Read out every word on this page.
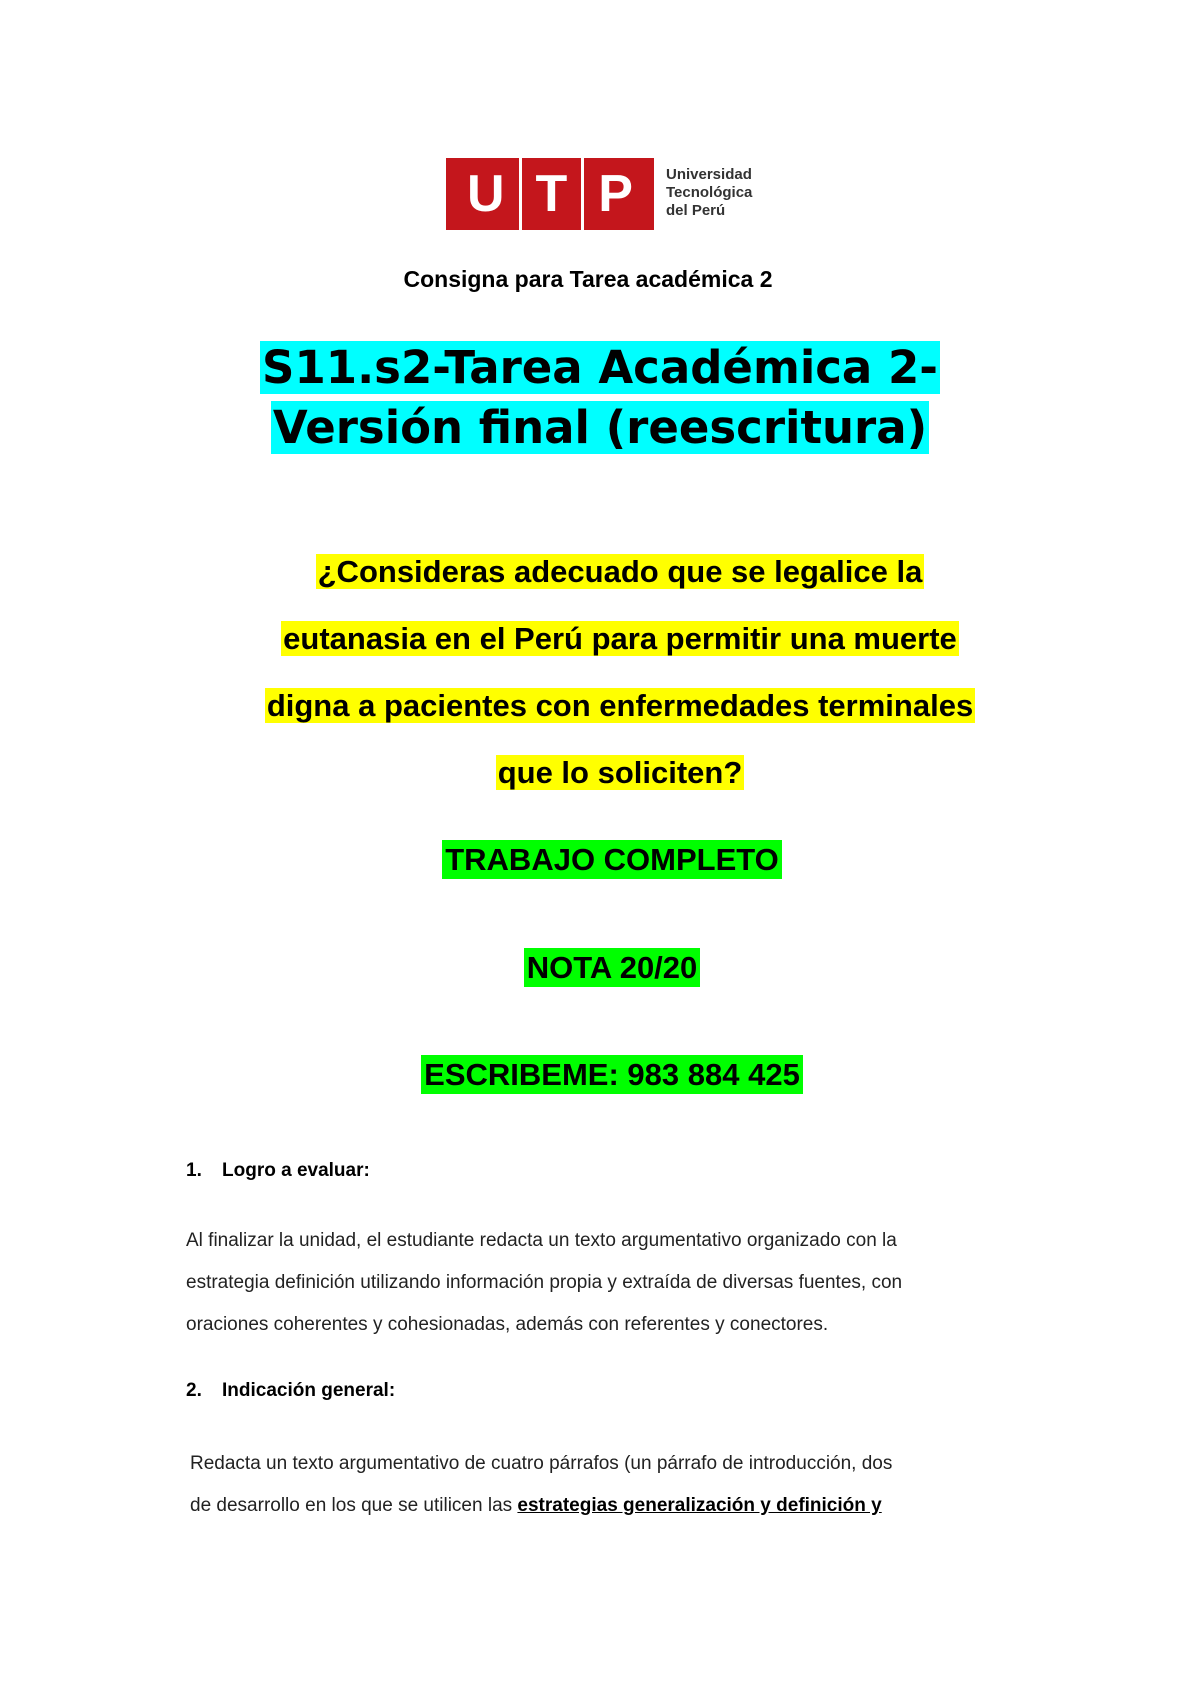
U T P Universidad
Tecnológica
del Perú
Consigna para Tarea académica 2
S11.s2-Tarea Académica 2-
Versión final (reescritura)
¿Consideras adecuado que se legalice la
eutanasia en el Perú para permitir una muerte
digna a pacientes con enfermedades terminales
que lo soliciten?
TRABAJO COMPLETO
NOTA 20/20
ESCRIBEME: 983 884 425
1. Logro a evaluar:
Al finalizar la unidad, el estudiante redacta un texto argumentativo organizado con la
estrategia definición utilizando información propia y extraída de diversas fuentes, con
oraciones coherentes y cohesionadas, además con referentes y conectores.
2. Indicación general:
Redacta un texto argumentativo de cuatro párrafos (un párrafo de introducción, dos
de desarrollo en los que se utilicen las estrategias generalización y definición y
